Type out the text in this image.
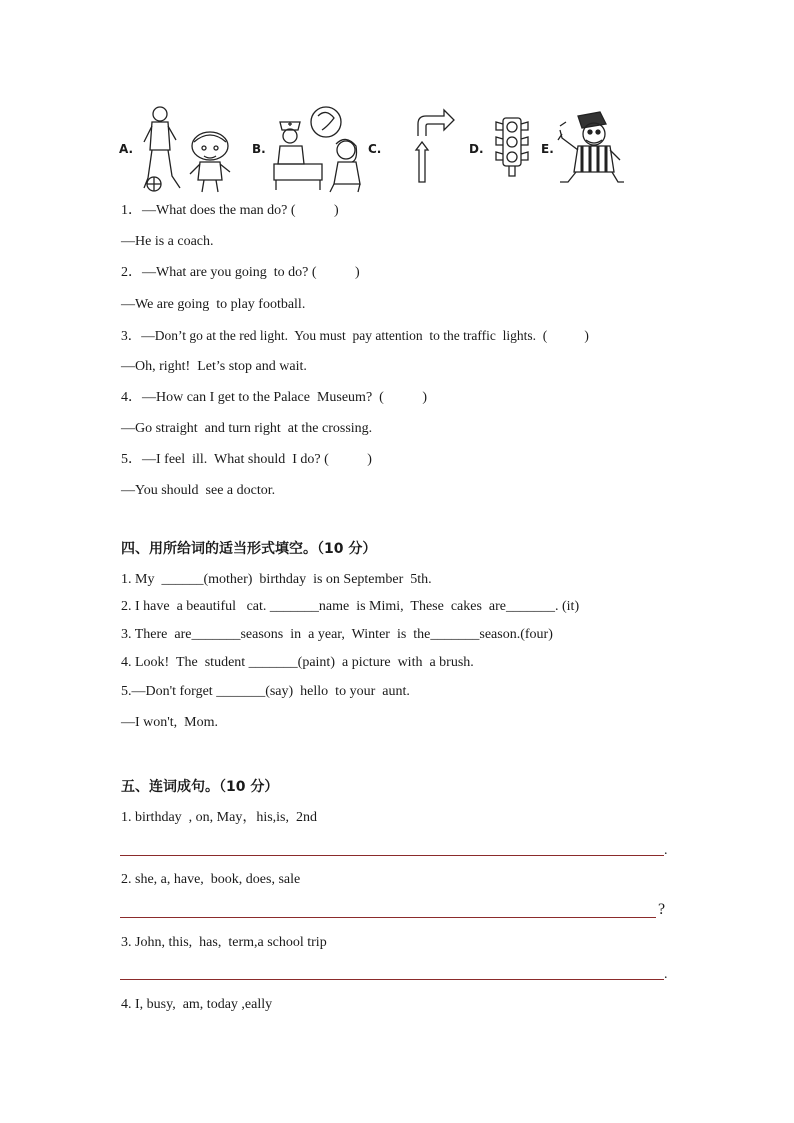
A.	B.	C.	D.	E.
1．—What does the man do? (           )
—He is a coach.
2．—What are you going  to do? (           )
—We are going  to play football.
3．—Don’t go at the red light.  You must  pay attention  to the traffic  lights.  (           )
—Oh, right!  Let’s stop and wait.
4．—How can I get to the Palace  Museum?  (           )
—Go straight  and turn right  at the crossing.
5．—I feel  ill.  What should  I do? (           )
—You should  see a doctor.
四、用所给词的适当形式填空。（10 分）
1. My  ______(mother)  birthday  is on September  5th.
2. I have  a beautiful   cat. _______name  is Mimi,  These  cakes  are_______. (it)
3. There  are_______seasons  in  a year,  Winter  is  the_______season.(four)
4. Look!  The  student _______(paint)  a picture  with  a brush.
5.—Don't forget _______(say)  hello  to your  aunt.
—I won't,  Mom.
五、连词成句。（10 分）
1. birthday  , on, May，his,is,  2nd
.
2. she, a, have,  book, does, sale
?
3. John, this,  has,  term,a school trip
.
4. I, busy,  am, today ,eally
